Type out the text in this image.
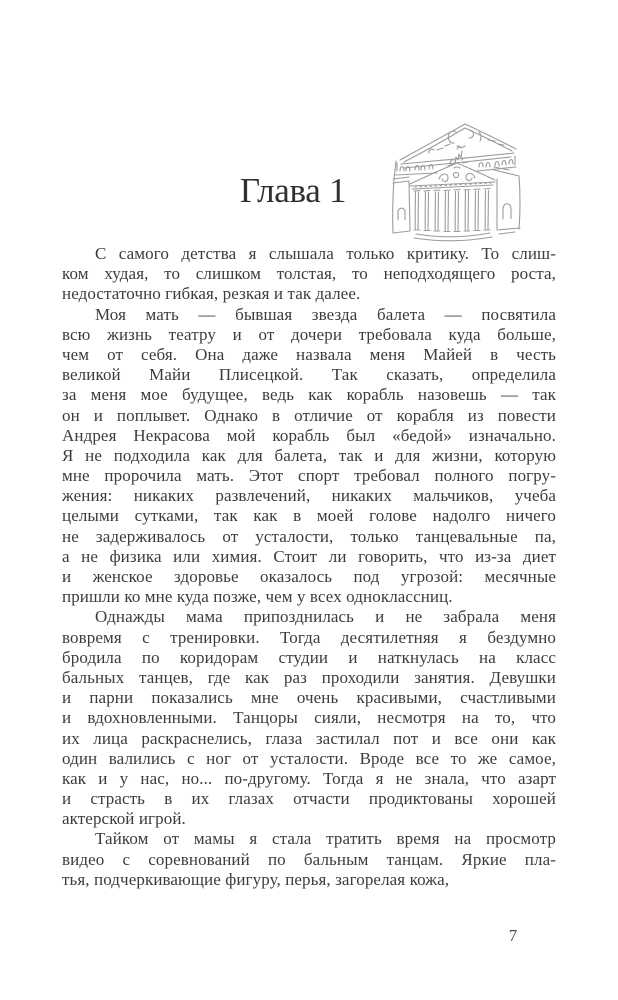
Глава 1
С самого детства я слышала только критику. То слиш-
ком худая, то слишком толстая, то неподходящего роста,
недостаточно гибкая, резкая и так далее.
Моя мать — бывшая звезда балета — посвятила
всю жизнь театру и от дочери требовала куда больше,
чем от себя. Она даже назвала меня Майей в честь
великой Майи Плисецкой. Так сказать, определила
за меня мое будущее, ведь как корабль назовешь — так
он и поплывет. Однако в отличие от корабля из повести
Андрея Некрасова мой корабль был «бедой» изначально.
Я не подходила как для балета, так и для жизни, которую
мне пророчила мать. Этот спорт требовал полного погру-
жения: никаких развлечений, никаких мальчиков, учеба
целыми сутками, так как в моей голове надолго ничего
не задерживалось от усталости, только танцевальные па,
а не физика или химия. Стоит ли говорить, что из-за диет
и женское здоровье оказалось под угрозой: месячные
пришли ко мне куда позже, чем у всех одноклассниц.
Однажды мама припозднилась и не забрала меня
вовремя с тренировки. Тогда десятилетняя я бездумно
бродила по коридорам студии и наткнулась на класс
бальных танцев, где как раз проходили занятия. Девушки
и парни показались мне очень красивыми, счастливыми
и вдохновленными. Танцоры сияли, несмотря на то, что
их лица раскраснелись, глаза застилал пот и все они как
один валились с ног от усталости. Вроде все то же самое,
как и у нас, но... по-другому. Тогда я не знала, что азарт
и страсть в их глазах отчасти продиктованы хорошей
актерской игрой.
Тайком от мамы я стала тратить время на просмотр
видео с соревнований по бальным танцам. Яркие пла-
тья, подчеркивающие фигуру, перья, загорелая кожа,
7
